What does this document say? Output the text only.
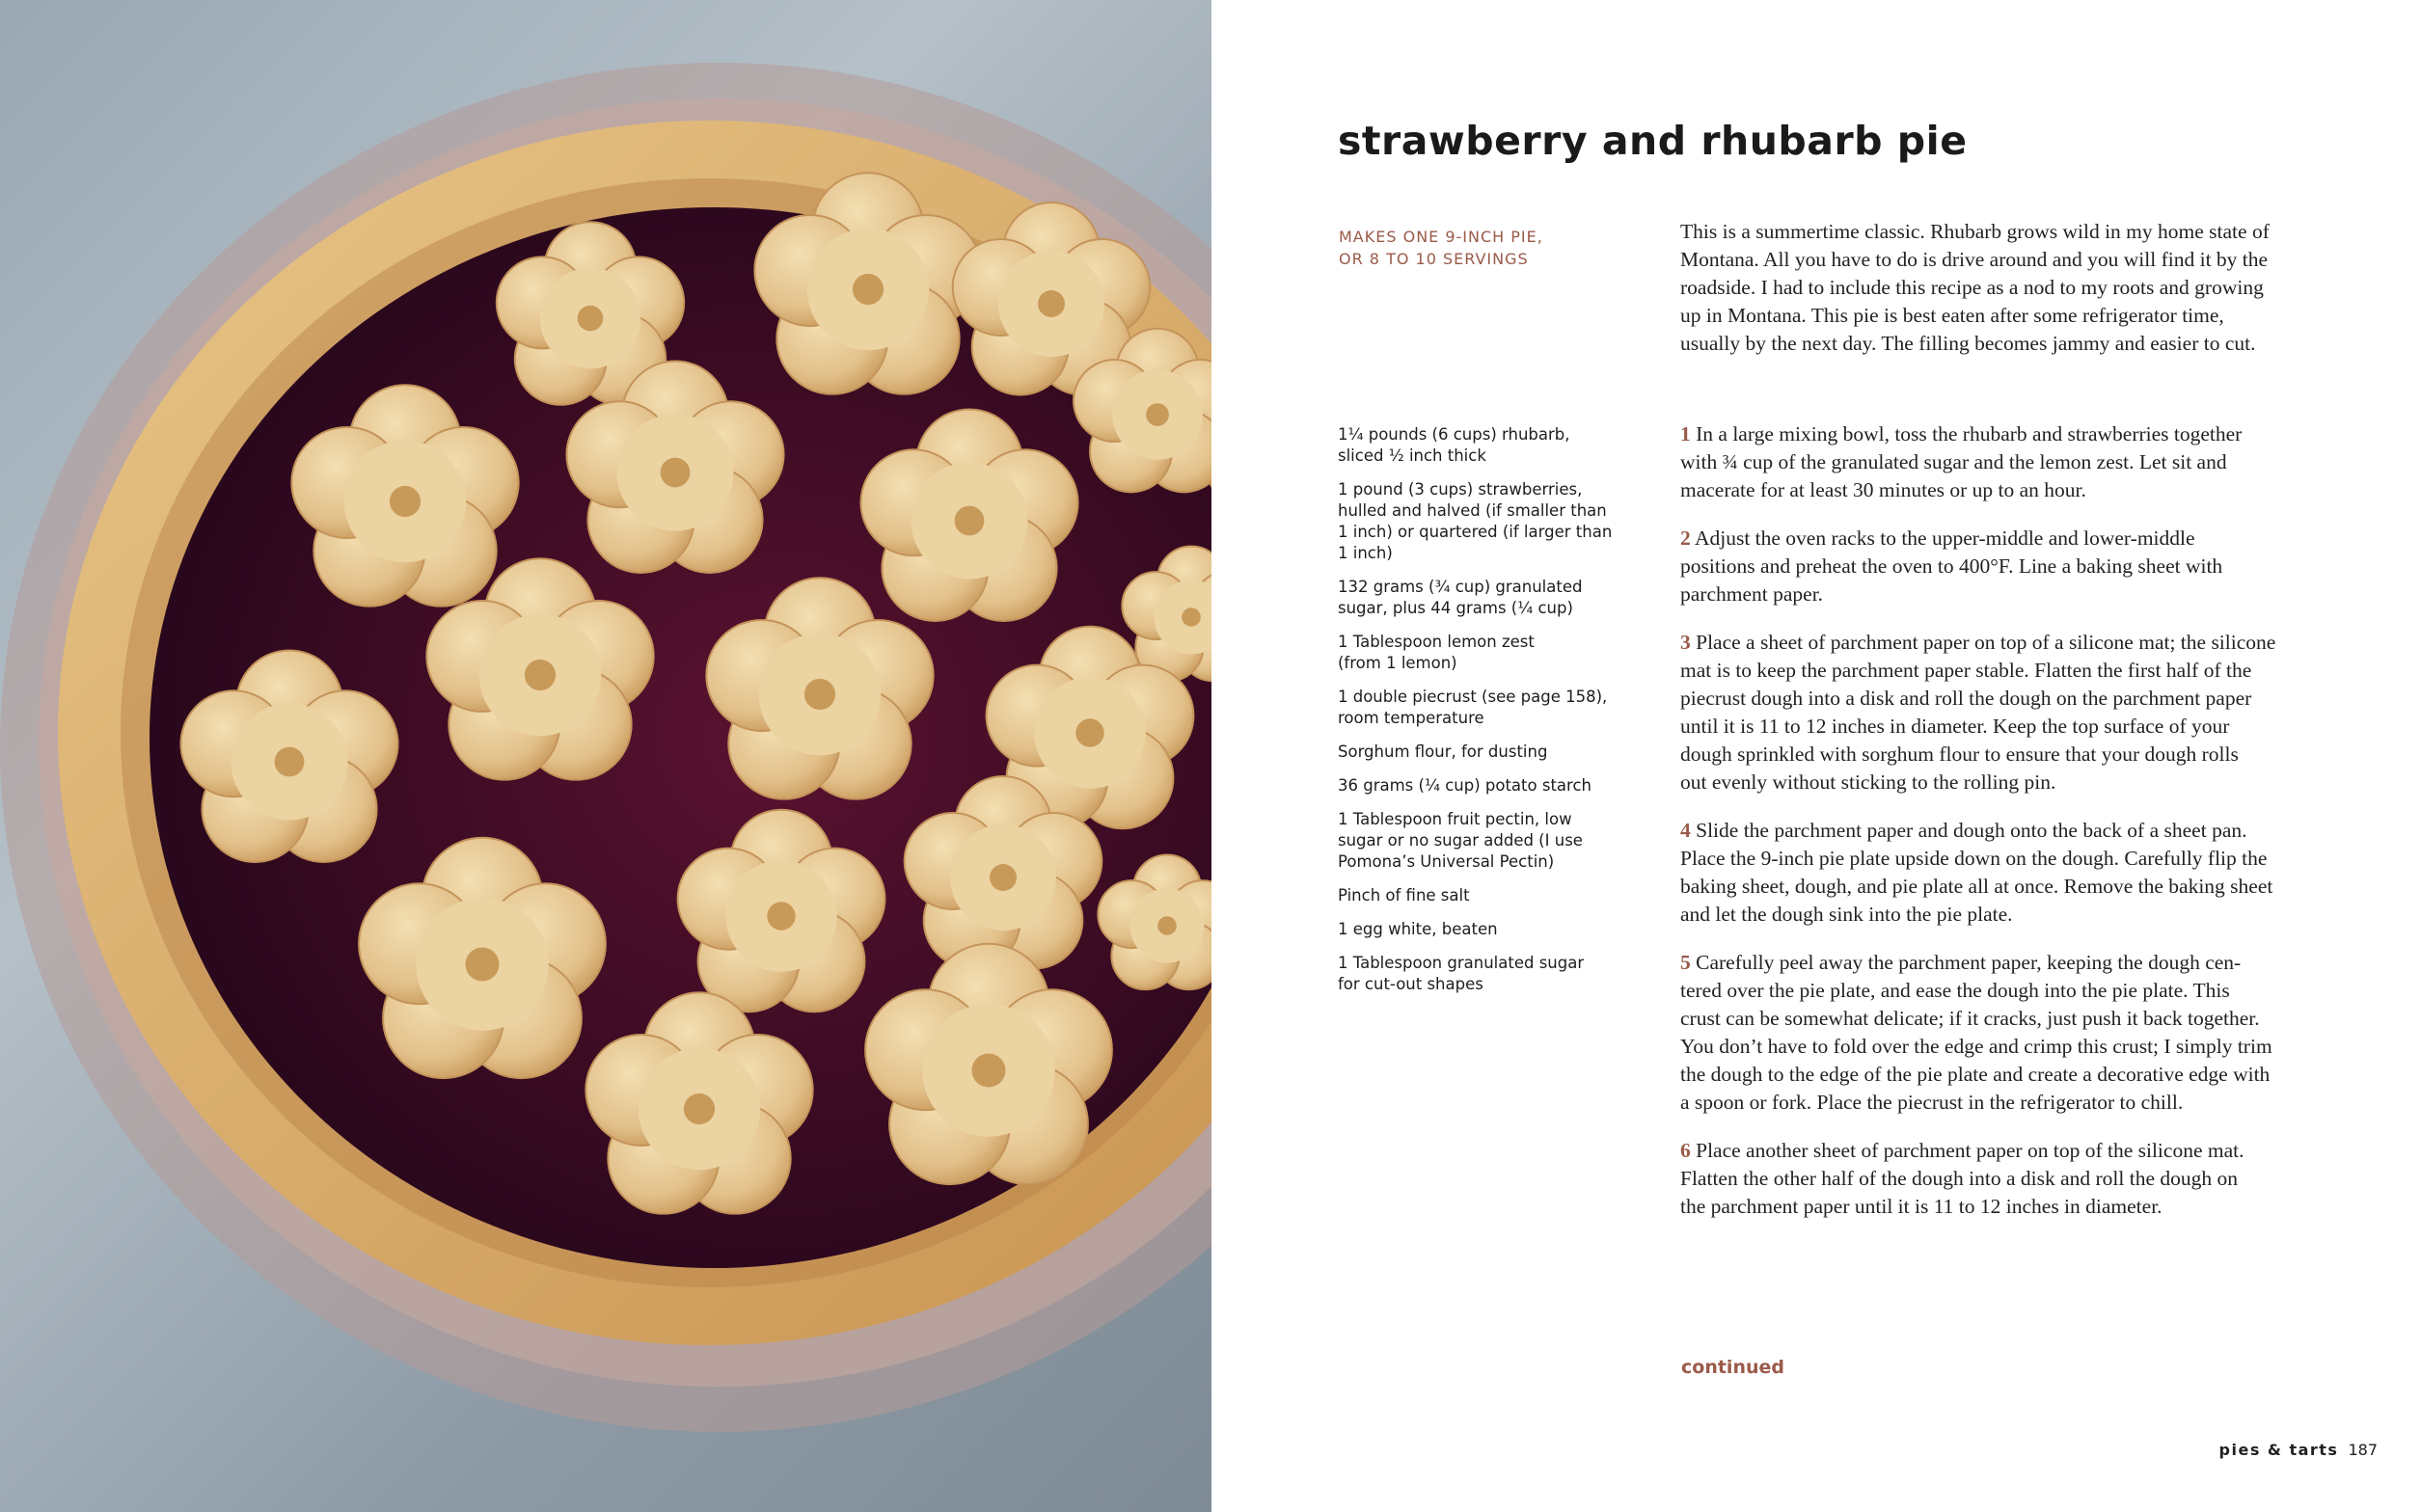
strawberry and rhubarb pie
MAKES ONE 9-INCH PIE,
OR 8 TO 10 SERVINGS
This is a summertime classic. Rhubarb grows wild in my home state of
Montana. All you have to do is drive around and you will find it by the
roadside. I had to include this recipe as a nod to my roots and growing
up in Montana. This pie is best eaten after some refrigerator time,
usually by the next day. The filling becomes jammy and easier to cut.
1¼ pounds (6 cups) rhubarb,
sliced ½ inch thick
1 pound (3 cups) strawberries,
hulled and halved (if smaller than
1 inch) or quartered (if larger than
1 inch)
132 grams (¾ cup) granulated
sugar, plus 44 grams (¼ cup)
1 Tablespoon lemon zest
(from 1 lemon)
1 double piecrust (see page 158),
room temperature
Sorghum flour, for dusting
36 grams (¼ cup) potato starch
1 Tablespoon fruit pectin, low
sugar or no sugar added (I use
Pomona’s Universal Pectin)
Pinch of fine salt
1 egg white, beaten
1 Tablespoon granulated sugar
for cut-out shapes
1 In a large mixing bowl, toss the rhubarb and strawberries together
with ¾ cup of the granulated sugar and the lemon zest. Let sit and
macerate for at least 30 minutes or up to an hour.
2 Adjust the oven racks to the upper-middle and lower-middle
positions and preheat the oven to 400°F. Line a baking sheet with
parchment paper.
3 Place a sheet of parchment paper on top of a silicone mat; the silicone
mat is to keep the parchment paper stable. Flatten the first half of the
piecrust dough into a disk and roll the dough on the parchment paper
until it is 11 to 12 inches in diameter. Keep the top surface of your
dough sprinkled with sorghum flour to ensure that your dough rolls
out evenly without sticking to the rolling pin.
4 Slide the parchment paper and dough onto the back of a sheet pan.
Place the 9-inch pie plate upside down on the dough. Carefully flip the
baking sheet, dough, and pie plate all at once. Remove the baking sheet
and let the dough sink into the pie plate.
5 Carefully peel away the parchment paper, keeping the dough cen-
tered over the pie plate, and ease the dough into the pie plate. This
crust can be somewhat delicate; if it cracks, just push it back together.
You don’t have to fold over the edge and crimp this crust; I simply trim
the dough to the edge of the pie plate and create a decorative edge with
a spoon or fork. Place the piecrust in the refrigerator to chill.
6 Place another sheet of parchment paper on top of the silicone mat.
Flatten the other half of the dough into a disk and roll the dough on
the parchment paper until it is 11 to 12 inches in diameter.
continued
pies & tarts 187
